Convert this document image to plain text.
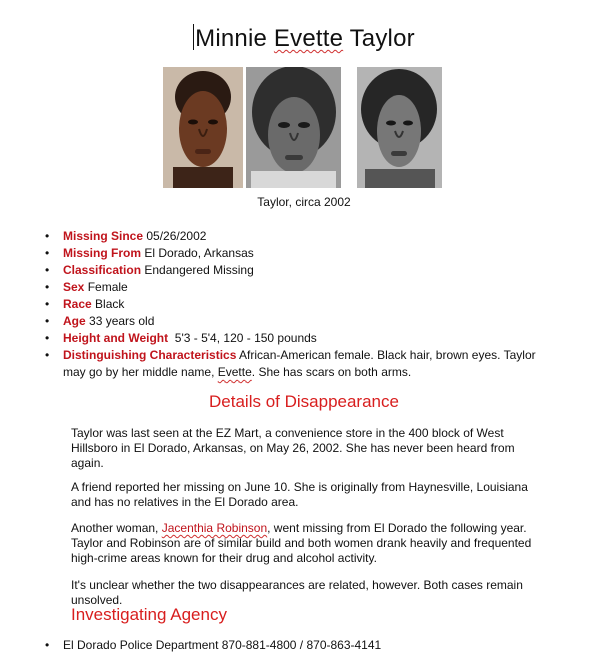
Minnie Evette Taylor
Taylor, circa 2002
• Missing Since 05/26/2002
• Missing From El Dorado, Arkansas
• Classification Endangered Missing
• Sex Female
• Race Black
• Age 33 years old
• Height and Weight 5'3 - 5'4, 120 - 150 pounds
• Distinguishing Characteristics African-American female. Black hair, brown eyes. Taylor may go by her middle name, Evette. She has scars on both arms.
Details of Disappearance
Taylor was last seen at the EZ Mart, a convenience store in the 400 block of West Hillsboro in El Dorado, Arkansas, on May 26, 2002. She has never been heard from again.
A friend reported her missing on June 10. She is originally from Haynesville, Louisiana and has no relatives in the El Dorado area.
Another woman, Jacenthia Robinson, went missing from El Dorado the following year. Taylor and Robinson are of similar build and both women drank heavily and frequented high-crime areas known for their drug and alcohol activity.
It's unclear whether the two disappearances are related, however. Both cases remain unsolved.
Investigating Agency
• El Dorado Police Department 870-881-4800 / 870-863-4141
